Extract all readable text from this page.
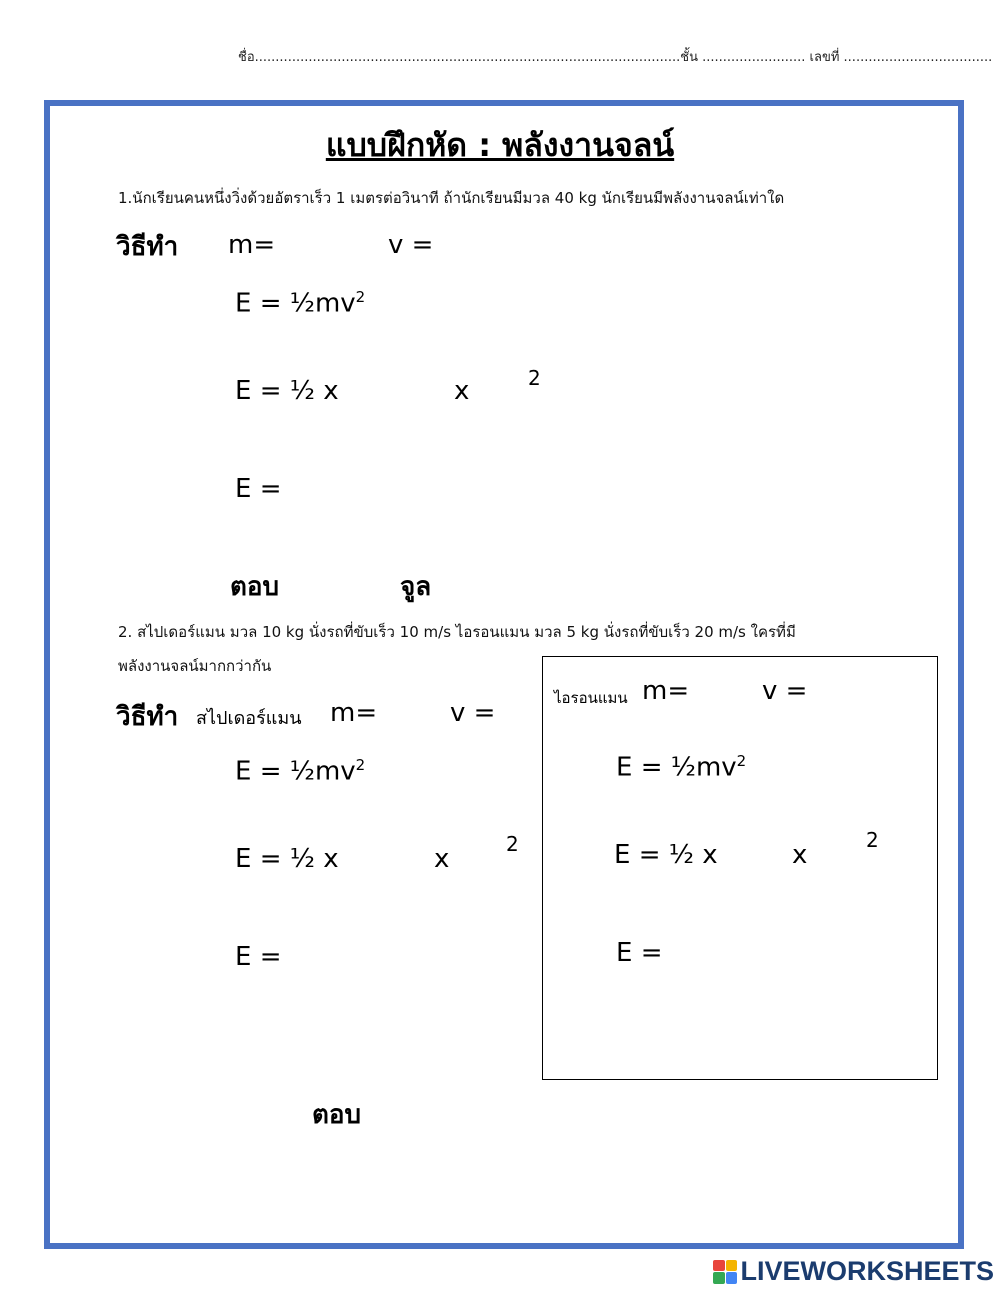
ชื่อ.......................................................................................................ชั้น ......................... เลขที่ ....................................
แบบฝึกหัด : พลังงานจลน์
1.นักเรียนคนหนึ่งวิ่งด้วยอัตราเร็ว 1 เมตรต่อวินาที ถ้านักเรียนมีมวล 40 kg นักเรียนมีพลังงานจลน์เท่าใด
วิธีทำ m=	v =
$E = \frac{1}{2}mv^2$
E = ½ x	x	2
E =
ตอบ	จูล
2. สไปเดอร์แมน มวล 10 kg นั่งรถที่ขับเร็ว 10 m/s ไอรอนแมน มวล 5 kg นั่งรถที่ขับเร็ว 20 m/s ใครที่มี
พลังงานจลน์มากกว่ากัน
วิธีทำ สไปเดอร์แมน m=	v =
$E = \frac{1}{2}mv^2$
E = ½ x	x	2
E =
ตอบ
ไอรอนแมน m=	v =
$E = \frac{1}{2}mv^2$
E = ½ x	x	2
E =
LIVEWORKSHEETS
